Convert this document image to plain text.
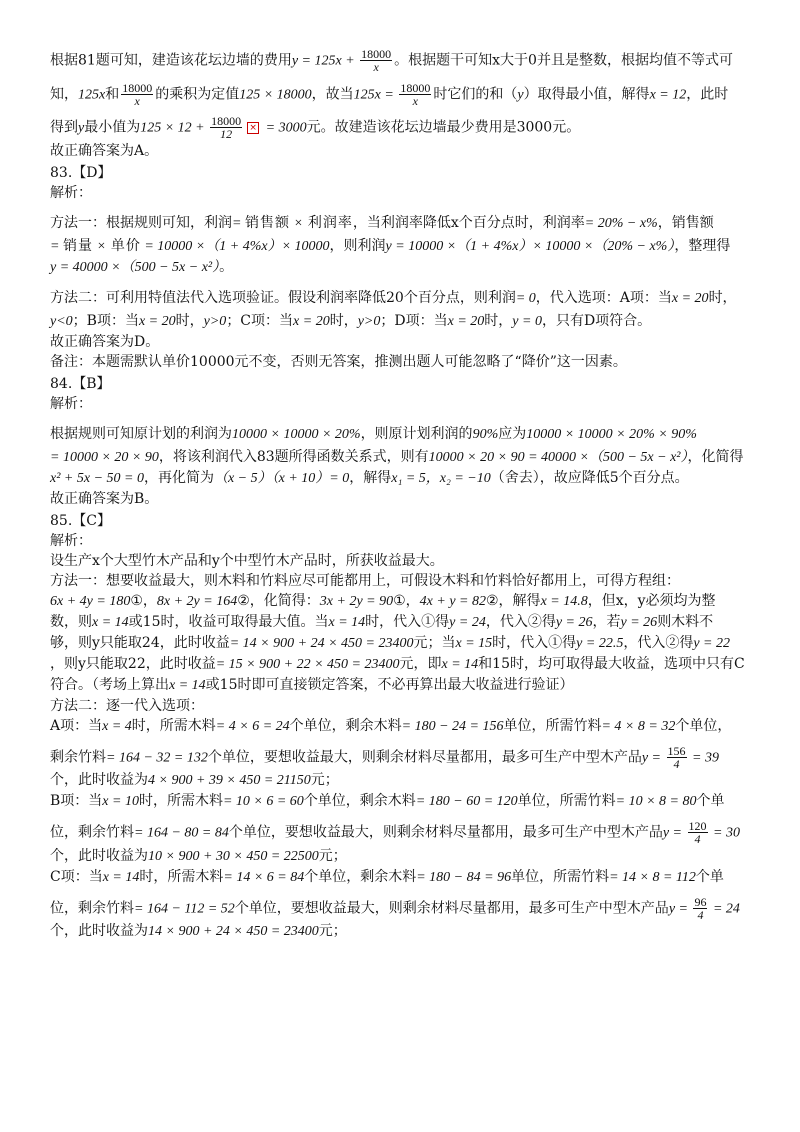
根据81题可知，建造该花坛边墙的费用$y = 125x + \frac{18000}{x}$ 。根据题干可知x大于0并且是整数，根据均值不等式可
知，125x和 $\frac{18000}{x}$ 的乘积为定值125 × 18000，故当$125x = \frac{18000}{x}$ 时它们的和（y）取得最小值，解得x = 12，此时
得到y最小值为$125 \times 12 + \frac{18000}{12}$ × = 3000元。故建造该花坛边墙最少费用是3000元。
故正确答案为A。
83.【D】
解析：
方法一：根据规则可知，利润= 销售额 × 利润率，当利润率降低x个百分点时，利润率= 20% − x%，销售额
= 销量 × 单价 = 10000 ×（1 + 4%x）× 10000，则利润y = 10000 ×（1 + 4%x）× 10000 ×（20% − x%），整理得
y = 40000 ×（500 − 5x − x²）。
方法二：可利用特值法代入选项验证。假设利润率降低20个百分点，则利润= 0，代入选项：A项：当x = 20时，
y<0；B项：当x = 20时，y>0；C项：当x = 20时，y>0；D项：当x = 20时，y = 0，只有D项符合。
故正确答案为D。
备注：本题需默认单价10000元不变，否则无答案，推测出题人可能忽略了“降价”这一因素。
84.【B】
解析：
根据规则可知原计划的利润为10000 × 10000 × 20%，则原计划利润的90%应为10000 × 10000 × 20% × 90%
= 10000 × 20 × 90，将该利润代入83题所得函数关系式，则有10000 × 20 × 90 = 40000 ×（500 − 5x − x²），化简得
x² + 5x − 50 = 0，再化简为（x − 5）（x + 10）= 0，解得x₁ = 5，x₂ = −10（舍去），故应降低5个百分点。
故正确答案为B。
85.【C】
解析：
设生产x个大型竹木产品和y个中型竹木产品时，所获收益最大。
方法一：想要收益最大，则木料和竹料应尽可能都用上，可假设木料和竹料恰好都用上，可得方程组：
6x + 4y = 180①，8x + 2y = 164②，化简得：3x + 2y = 90①，4x + y = 82②，解得x = 14.8，但x，y必须均为整
数，则x = 14或15时，收益可取得最大值。当x = 14时，代入①得y = 24，代入②得y = 26，若y = 26则木料不
够，则y只能取24，此时收益= 14 × 900 + 24 × 450 = 23400元；当x = 15时，代入①得y = 22.5，代入②得y = 22
，则y只能取22，此时收益= 15 × 900 + 22 × 450 = 23400元，即x = 14和15时，均可取得最大收益，选项中只有C
符合。（考场上算出x = 14或15时即可直接锁定答案，不必再算出最大收益进行验证）
方法二：逐一代入选项：
A项：当x = 4时，所需木料= 4 × 6 = 24个单位，剩余木料= 180 − 24 = 156单位，所需竹料= 4 × 8 = 32个单位，
剩余竹料= 164 − 32 = 132个单位，要想收益最大，则剩余材料尽量都用，最多可生产中型木产品$y = \frac{156}{4} = 39$
个，此时收益为4 × 900 + 39 × 450 = 21150元；
B项：当x = 10时，所需木料= 10 × 6 = 60个单位，剩余木料= 180 − 60 = 120单位，所需竹料= 10 × 8 = 80个单
位，剩余竹料= 164 − 80 = 84个单位，要想收益最大，则剩余材料尽量都用，最多可生产中型木产品$y = \frac{120}{4} = 30$
个，此时收益为10 × 900 + 30 × 450 = 22500元；
C项：当x = 14时，所需木料= 14 × 6 = 84个单位，剩余木料= 180 − 84 = 96单位，所需竹料= 14 × 8 = 112个单
位，剩余竹料= 164 − 112 = 52个单位，要想收益最大，则剩余材料尽量都用，最多可生产中型木产品$y = \frac{96}{4} = 24$
个，此时收益为14 × 900 + 24 × 450 = 23400元；
